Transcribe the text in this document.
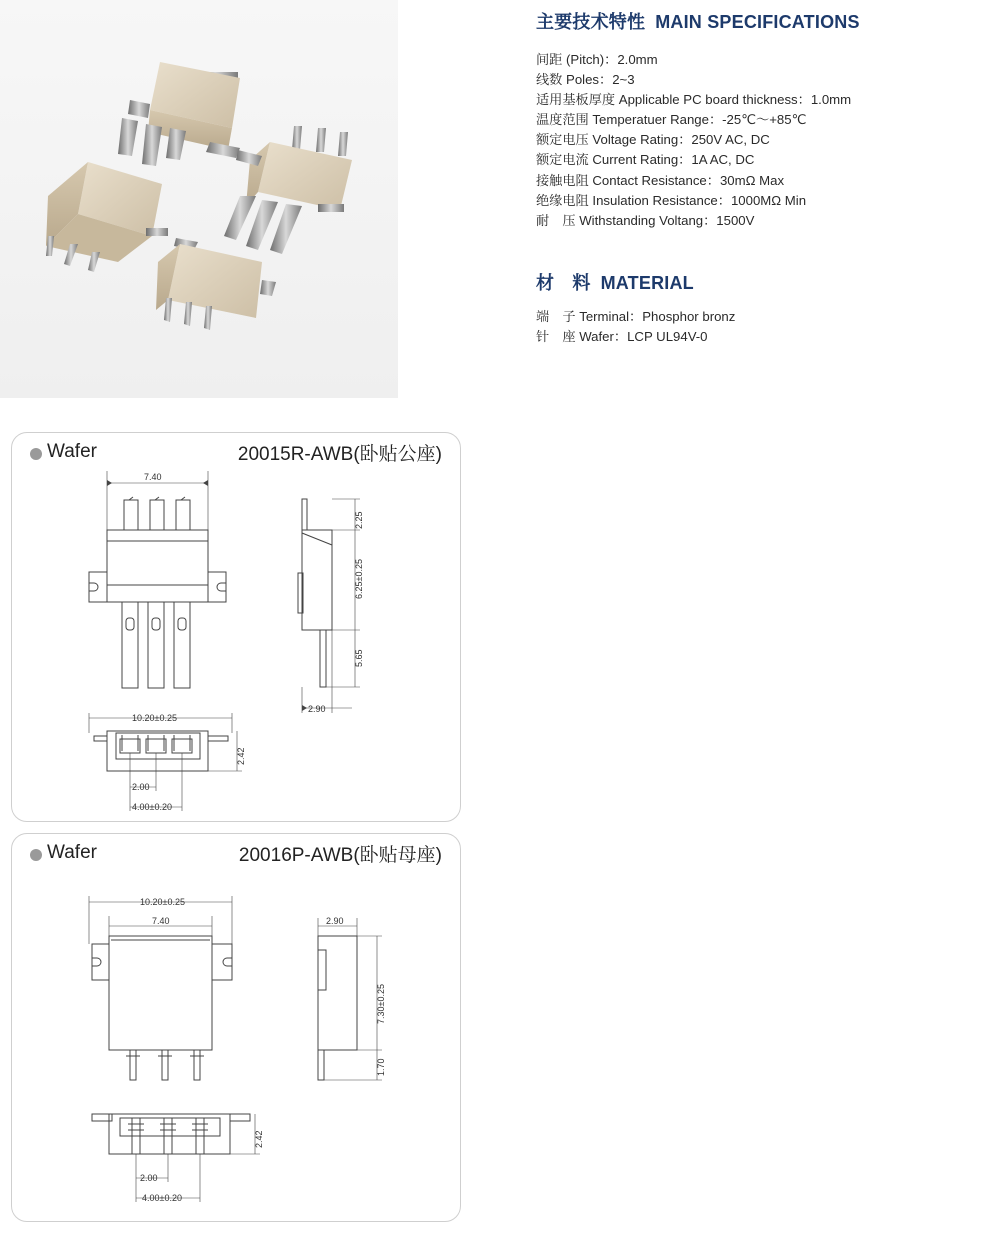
主要技术特性 MAIN SPECIFICATIONS
间距 (Pitch)：2.0mm
线数 Poles：2~3
适用基板厚度 Applicable PC board thickness：1.0mm
温度范围 Temperatuer Range：-25℃～+85℃
额定电压 Voltage Rating：250V AC, DC
额定电流 Current Rating：1A AC, DC
接触电阻 Contact Resistance：30mΩ Max
绝缘电阻 Insulation Resistance：1000MΩ Min
耐　压 Withstanding Voltang：1500V
材　料 MATERIAL
端　子 Terminal：Phosphor bronz
针　座 Wafer：LCP UL94V-0
Wafer	20015R-AWB(卧贴公座)
7.40
2.25
6.25±0.25
5.65
2.90
10.20±0.25
2.42
2.00
4.00±0.20
Wafer	20016P-AWB(卧贴母座)
10.20±0.25
7.40	2.90
7.30±0.25
1.70
2.42
2.00
4.00±0.20
